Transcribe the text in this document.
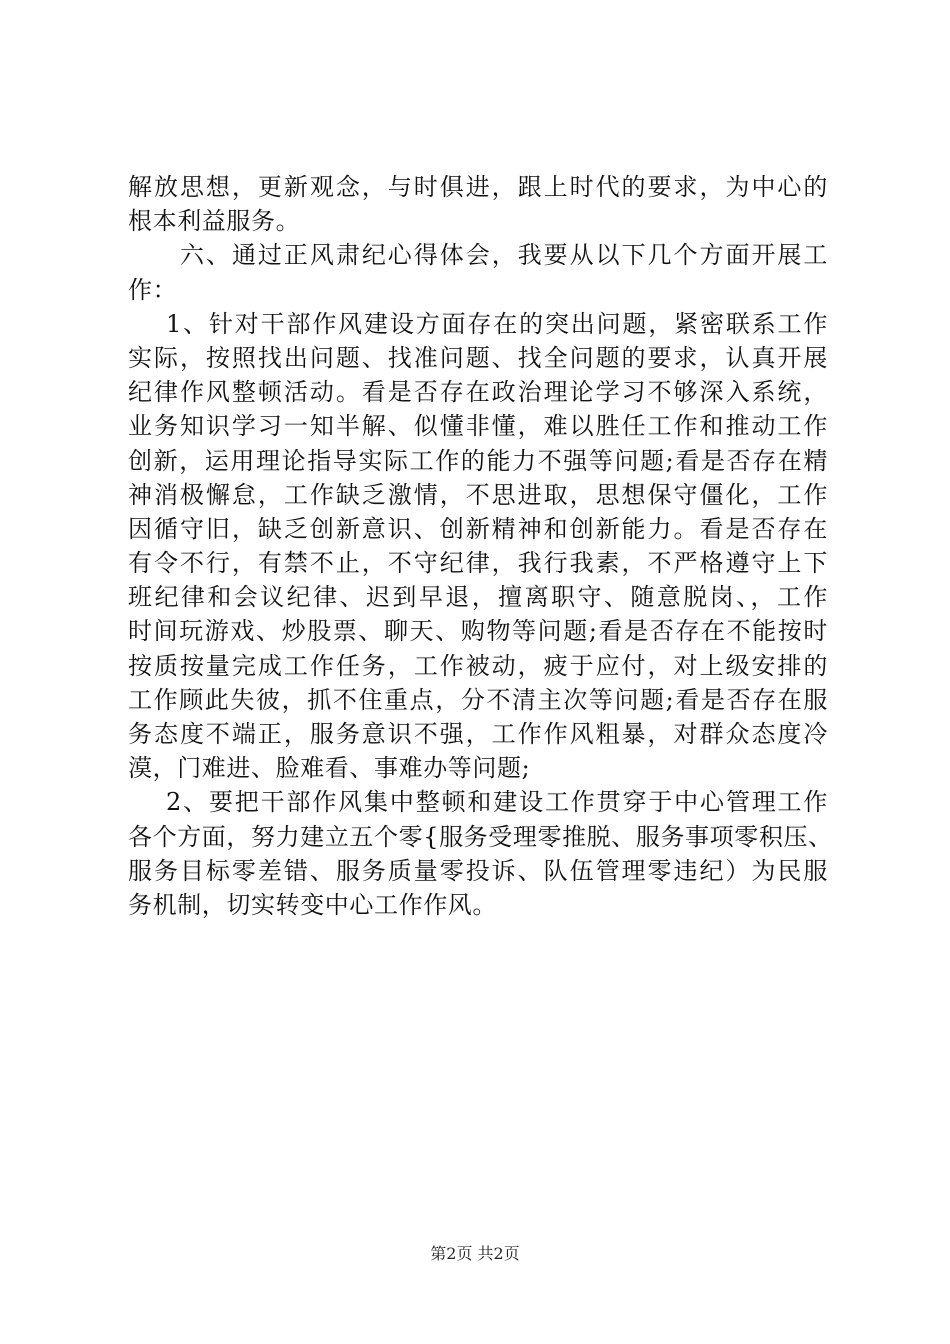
解放思想，更新观念，与时俱进，跟上时代的要求，为中心的
根本利益服务。
六、通过正风肃纪心得体会，我要从以下几个方面开展工
作：
1、针对干部作风建设方面存在的突出问题，紧密联系工作
实际，按照找出问题、找准问题、找全问题的要求，认真开展
纪律作风整顿活动。看是否存在政治理论学习不够深入系统，
业务知识学习一知半解、似懂非懂，难以胜任工作和推动工作
创新，运用理论指导实际工作的能力不强等问题;看是否存在精
神消极懈怠，工作缺乏激情，不思进取，思想保守僵化，工作
因循守旧，缺乏创新意识、创新精神和创新能力。看是否存在
有令不行，有禁不止，不守纪律，我行我素，不严格遵守上下
班纪律和会议纪律、迟到早退，擅离职守、随意脱岗、，工作
时间玩游戏、炒股票、聊天、购物等问题;看是否存在不能按时
按质按量完成工作任务，工作被动，疲于应付，对上级安排的
工作顾此失彼，抓不住重点，分不清主次等问题;看是否存在服
务态度不端正，服务意识不强，工作作风粗暴，对群众态度冷
漠，门难进、脸难看、事难办等问题;
2、要把干部作风集中整顿和建设工作贯穿于中心管理工作
各个方面，努力建立五个零{服务受理零推脱、服务事项零积压、
服务目标零差错、服务质量零投诉、队伍管理零违纪）为民服
务机制，切实转变中心工作作风。
第2页 共2页
